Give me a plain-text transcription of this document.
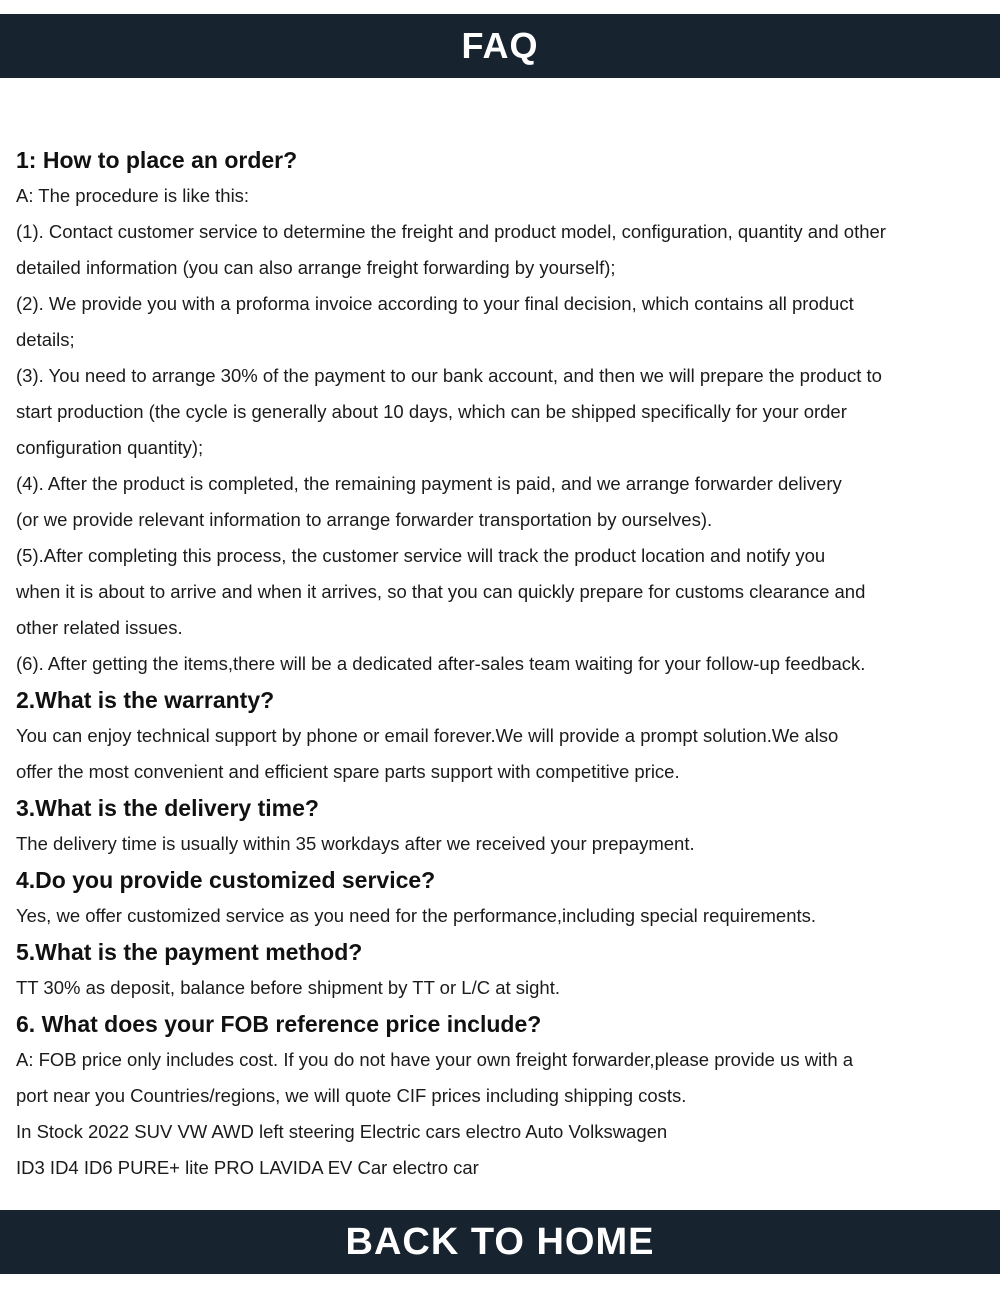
FAQ
1: How to place an order?
A: The procedure is like this:
(1). Contact customer service to determine the freight and product model, configuration, quantity and other
detailed information (you can also arrange freight forwarding by yourself);
(2). We provide you with a proforma invoice according to your final decision, which contains all product
details;
(3). You need to arrange 30% of the payment to our bank account, and then we will prepare the product to
start production (the cycle is generally about 10 days, which can be shipped specifically for your order
configuration quantity);
(4). After the product is completed, the remaining payment is paid, and we arrange forwarder delivery
(or we provide relevant information to arrange forwarder transportation by ourselves).
(5).After completing this process, the customer service will track the product location and notify you
when it is about to arrive and when it arrives, so that you can quickly prepare for customs clearance and
other related issues.
(6). After getting the items,there will be a dedicated after-sales team waiting for your follow-up feedback.
2.What is the warranty?
You can enjoy technical support by phone or email forever.We will provide a prompt solution.We also
offer the most convenient and efficient spare parts support with competitive price.
3.What is the delivery time?
The delivery time is usually within 35 workdays after we received your prepayment.
4.Do you provide customized service?
Yes, we offer customized service as you need for the performance,including special requirements.
5.What is the payment method?
TT 30% as deposit, balance before shipment by TT or L/C at sight.
6. What does your FOB reference price include?
A: FOB price only includes cost. If you do not have your own freight forwarder,please provide us with a
port near you Countries/regions, we will quote CIF prices including shipping costs.
In Stock 2022 SUV VW AWD left steering Electric cars electro Auto Volkswagen
ID3 ID4 ID6 PURE+ lite PRO LAVIDA EV Car electro car
BACK TO HOME
